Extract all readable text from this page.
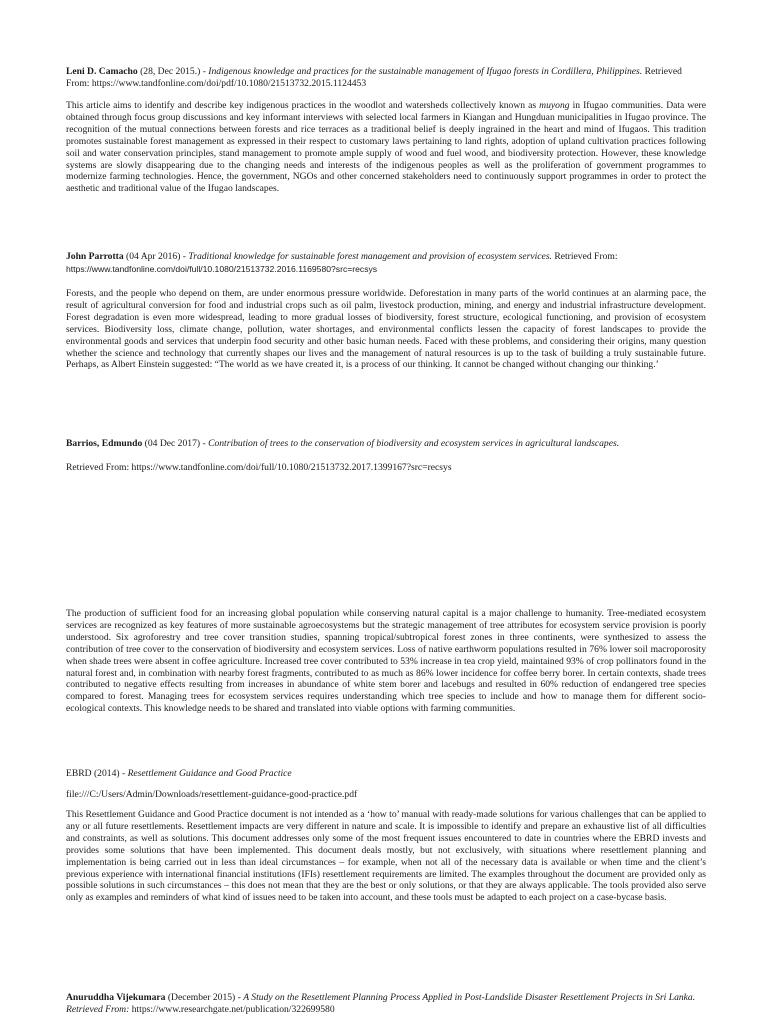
Leni D. Camacho (28, Dec 2015.) - Indigenous knowledge and practices for the sustainable management of Ifugao forests in Cordillera, Philippines. Retrieved From: https://www.tandfonline.com/doi/pdf/10.1080/21513732.2015.1124453

This article aims to identify and describe key indigenous practices in the woodlot and watersheds collectively known as muyong in Ifugao communities. Data were obtained through focus group discussions and key informant interviews with selected local farmers in Kiangan and Hungduan municipalities in Ifugao province. The recognition of the mutual connections between forests and rice terraces as a traditional belief is deeply ingrained in the heart and mind of Ifugaos. This tradition promotes sustainable forest management as expressed in their respect to customary laws pertaining to land rights, adoption of upland cultivation practices following soil and water conservation principles, stand management to promote ample supply of wood and fuel wood, and biodiversity protection. However, these knowledge systems are slowly disappearing due to the changing needs and interests of the indigenous peoples as well as the proliferation of government programmes to modernize farming technologies. Hence, the government, NGOs and other concerned stakeholders need to continuously support programmes in order to protect the aesthetic and traditional value of the Ifugao landscapes.

John Parrotta (04 Apr 2016) - Traditional knowledge for sustainable forest management and provision of ecosystem services. Retrieved From:

https://www.tandfonline.com/doi/full/10.1080/21513732.2016.1169580?src=recsys

Forests, and the people who depend on them, are under enormous pressure worldwide. Deforestation in many parts of the world continues at an alarming pace, the result of agricultural conversion for food and industrial crops such as oil palm, livestock production, mining, and energy and industrial infrastructure development. Forest degradation is even more widespread, leading to more gradual losses of biodiversity, forest structure, ecological functioning, and provision of ecosystem services. Biodiversity loss, climate change, pollution, water shortages, and environmental conflicts lessen the capacity of forest landscapes to provide the environmental goods and services that underpin food security and other basic human needs. Faced with these problems, and considering their origins, many question whether the science and technology that currently shapes our lives and the management of natural resources is up to the task of building a truly sustainable future. Perhaps, as Albert Einstein suggested: “The world as we have created it, is a process of our thinking. It cannot be changed without changing our thinking.’

Barrios, Edmundo (04 Dec 2017) - Contribution of trees to the conservation of biodiversity and ecosystem services in agricultural landscapes.

Retrieved From: https://www.tandfonline.com/doi/full/10.1080/21513732.2017.1399167?src=recsys

The production of sufficient food for an increasing global population while conserving natural capital is a major challenge to humanity. Tree-mediated ecosystem services are recognized as key features of more sustainable agroecosystems but the strategic management of tree attributes for ecosystem service provision is poorly understood. Six agroforestry and tree cover transition studies, spanning tropical/subtropical forest zones in three continents, were synthesized to assess the contribution of tree cover to the conservation of biodiversity and ecosystem services. Loss of native earthworm populations resulted in 76% lower soil macroporosity when shade trees were absent in coffee agriculture. Increased tree cover contributed to 53% increase in tea crop yield, maintained 93% of crop pollinators found in the natural forest and, in combination with nearby forest fragments, contributed to as much as 86% lower incidence for coffee berry borer. In certain contexts, shade trees contributed to negative effects resulting from increases in abundance of white stem borer and lacebugs and resulted in 60% reduction of endangered tree species compared to forest. Managing trees for ecosystem services requires understanding which tree species to include and how to manage them for different socio-ecological contexts. This knowledge needs to be shared and translated into viable options with farming communities.

EBRD (2014) - Resettlement Guidance and Good Practice

file:///C:/Users/Admin/Downloads/resettlement-guidance-good-practice.pdf

This Resettlement Guidance and Good Practice document is not intended as a ‘how to’ manual with ready-made solutions for various challenges that can be applied to any or all future resettlements. Resettlement impacts are very different in nature and scale. It is impossible to identify and prepare an exhaustive list of all difficulties and constraints, as well as solutions. This document addresses only some of the most frequent issues encountered to date in countries where the EBRD invests and provides some solutions that have been implemented. This document deals mostly, but not exclusively, with situations where resettlement planning and implementation is being carried out in less than ideal circumstances – for example, when not all of the necessary data is available or when time and the client’s previous experience with international financial institutions (IFIs) resettlement requirements are limited. The examples throughout the document are provided only as possible solutions in such circumstances – this does not mean that they are the best or only solutions, or that they are always applicable. The tools provided also serve only as examples and reminders of what kind of issues need to be taken into account, and these tools must be adapted to each project on a case-bycase basis.

Anuruddha Vijekumara (December 2015) - A Study on the Resettlement Planning Process Applied in Post-Landslide Disaster Resettlement Projects in Sri Lanka. Retrieved From: https://www.researchgate.net/publication/322699580
